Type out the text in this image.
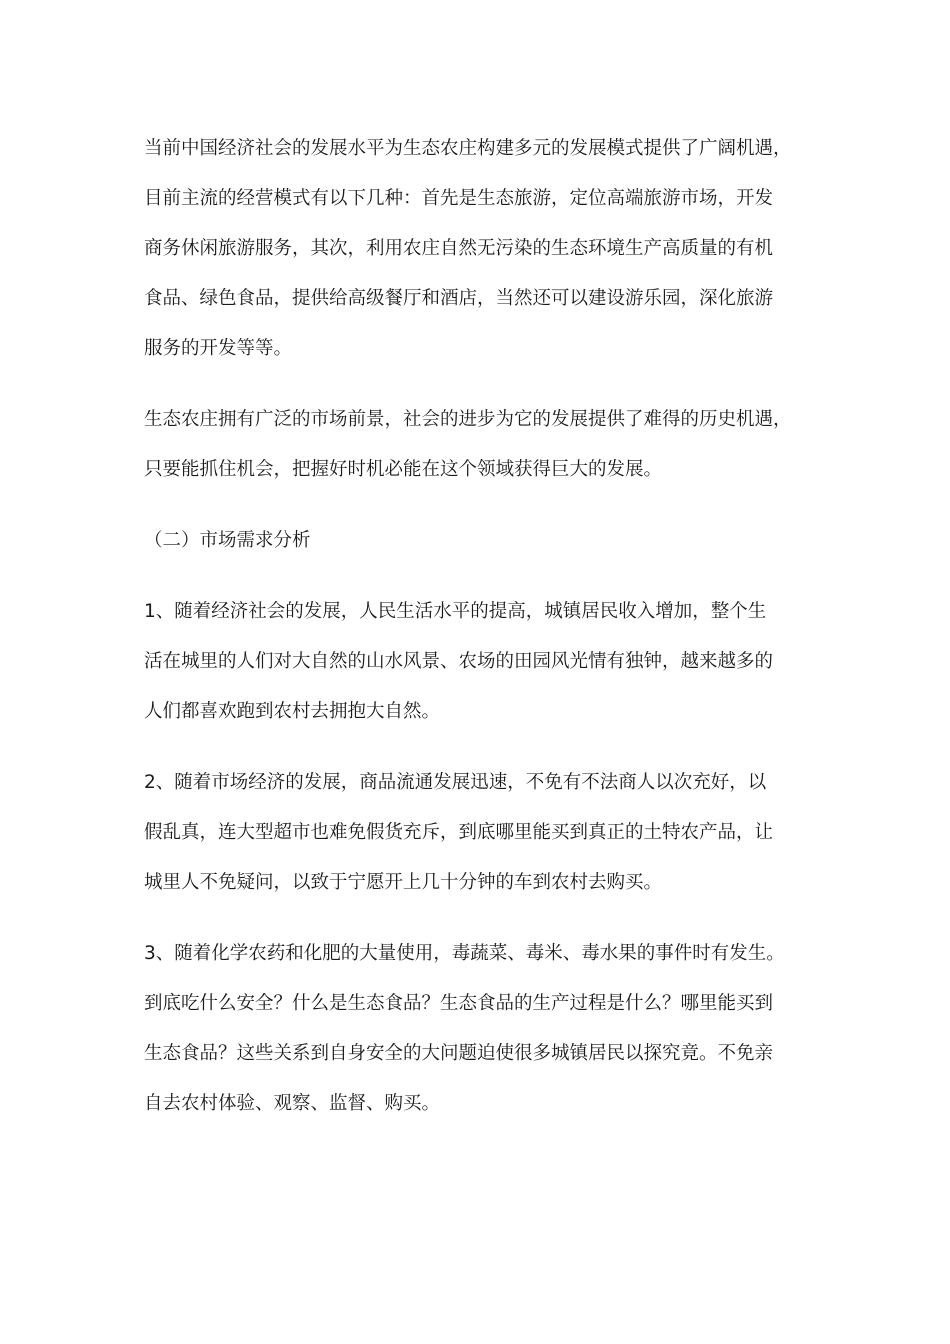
当前中国经济社会的发展水平为生态农庄构建多元的发展模式提供了广阔机遇，
目前主流的经营模式有以下几种：首先是生态旅游，定位高端旅游市场，开发
商务休闲旅游服务，其次，利用农庄自然无污染的生态环境生产高质量的有机
食品、绿色食品，提供给高级餐厅和酒店，当然还可以建设游乐园，深化旅游
服务的开发等等。
生态农庄拥有广泛的市场前景，社会的进步为它的发展提供了难得的历史机遇，
只要能抓住机会，把握好时机必能在这个领域获得巨大的发展。
（二）市场需求分析
1、随着经济社会的发展，人民生活水平的提高，城镇居民收入增加，整个生
活在城里的人们对大自然的山水风景、农场的田园风光情有独钟，越来越多的
人们都喜欢跑到农村去拥抱大自然。
2、随着市场经济的发展，商品流通发展迅速，不免有不法商人以次充好，以
假乱真，连大型超市也难免假货充斥，到底哪里能买到真正的土特农产品，让
城里人不免疑问，以致于宁愿开上几十分钟的车到农村去购买。
3、随着化学农药和化肥的大量使用，毒蔬菜、毒米、毒水果的事件时有发生。
到底吃什么安全？什么是生态食品？生态食品的生产过程是什么？哪里能买到
生态食品？这些关系到自身安全的大问题迫使很多城镇居民以探究竟。不免亲
自去农村体验、观察、监督、购买。
